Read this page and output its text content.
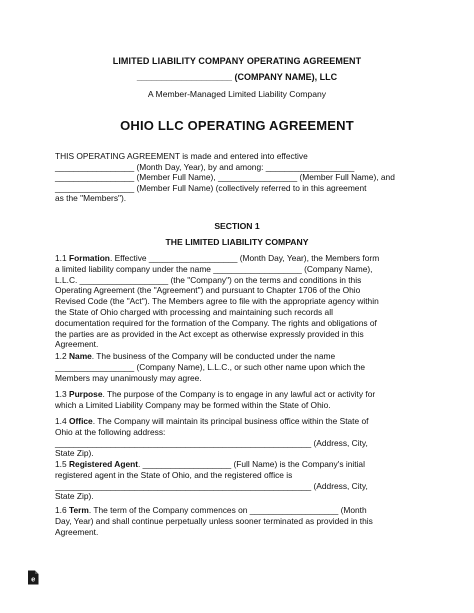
LIMITED LIABILITY COMPANY OPERATING AGREEMENT
___________________ (COMPANY NAME), LLC
A Member-Managed Limited Liability Company
OHIO LLC OPERATING AGREEMENT

THIS OPERATING AGREEMENT is made and entered into effective
_________________ (Month Day, Year), by and among: ___________________
_________________ (Member Full Name), _________________ (Member Full Name), and
_________________ (Member Full Name) (collectively referred to in this agreement
as the "Members").

SECTION 1
THE LIMITED LIABILITY COMPANY

1.1 Formation. Effective ___________________ (Month Day, Year), the Members form
a limited liability company under the name ___________________ (Company Name),
L.L.C. ___________________ (the "Company") on the terms and conditions in this
Operating Agreement (the "Agreement") and pursuant to Chapter 1706 of the Ohio
Revised Code (the "Act"). The Members agree to file with the appropriate agency within
the State of Ohio charged with processing and maintaining such records all
documentation required for the formation of the Company. The rights and obligations of
the parties are as provided in the Act except as otherwise expressly provided in this
Agreement.

1.2 Name. The business of the Company will be conducted under the name
_________________ (Company Name), L.L.C., or such other name upon which the
Members may unanimously may agree.

1.3 Purpose. The purpose of the Company is to engage in any lawful act or activity for
which a Limited Liability Company may be formed within the State of Ohio.

1.4 Office. The Company will maintain its principal business office within the State of
Ohio at the following address:
_______________________________________________________ (Address, City,
State Zip).

1.5 Registered Agent. ___________________ (Full Name) is the Company's initial
registered agent in the State of Ohio, and the registered office is
_______________________________________________________ (Address, City,
State Zip).

1.6 Term. The term of the Company commences on ___________________ (Month
Day, Year) and shall continue perpetually unless sooner terminated as provided in this
Agreement.

e
